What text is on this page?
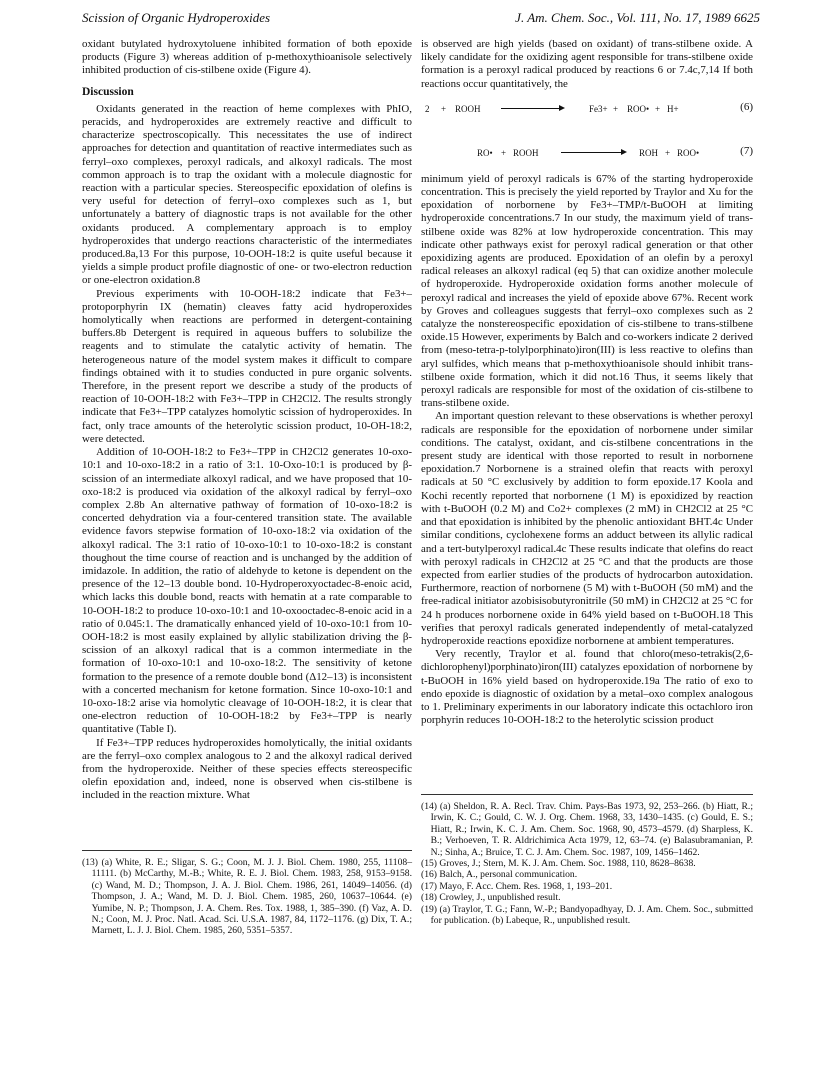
Scission of Organic Hydroperoxides	J. Am. Chem. Soc., Vol. 111, No. 17, 1989 6625

oxidant butylated hydroxytoluene inhibited formation of both epoxide products (Figure 3) whereas addition of p-methoxythioanisole selectively inhibited production of cis-stilbene oxide (Figure 4).

Discussion

Oxidants generated in the reaction of heme complexes with PhIO, peracids, and hydroperoxides are extremely reactive and difficult to characterize spectroscopically. This necessitates the use of indirect approaches for detection and quantitation of reactive intermediates such as ferryl–oxo complexes, peroxyl radicals, and alkoxyl radicals. The most common approach is to trap the oxidant with a molecule diagnostic for reaction with a particular species. Stereospecific epoxidation of olefins is very useful for detection of ferryl–oxo complexes such as 1, but unfortunately a battery of diagnostic traps is not available for the other oxidants produced. A complementary approach is to employ hydroperoxides that undergo reactions characteristic of the intermediates produced.8a,13 For this purpose, 10-OOH-18:2 is quite useful because it yields a simple product profile diagnostic of one- or two-electron reduction or one-electron oxidation.8

Previous experiments with 10-OOH-18:2 indicate that Fe3+–protoporphyrin IX (hematin) cleaves fatty acid hydroperoxides homolytically when reactions are performed in detergent-containing buffers.8b Detergent is required in aqueous buffers to solubilize the reagents and to stimulate the catalytic activity of hematin. The heterogeneous nature of the model system makes it difficult to compare findings obtained with it to studies conducted in pure organic solvents. Therefore, in the present report we describe a study of the products of reaction of 10-OOH-18:2 with Fe3+–TPP in CH2Cl2. The results strongly indicate that Fe3+–TPP catalyzes homolytic scission of hydroperoxides. In fact, only trace amounts of the heterolytic scission product, 10-OH-18:2, were detected.

Addition of 10-OOH-18:2 to Fe3+–TPP in CH2Cl2 generates 10-oxo-10:1 and 10-oxo-18:2 in a ratio of 3:1. 10-Oxo-10:1 is produced by β-scission of an intermediate alkoxyl radical, and we have proposed that 10-oxo-18:2 is produced via oxidation of the alkoxyl radical by ferryl–oxo complex 2.8b An alternative pathway of formation of 10-oxo-18:2 is concerted dehydration via a four-centered transition state. The available evidence favors stepwise formation of 10-oxo-18:2 via oxidation of the alkoxyl radical. The 3:1 ratio of 10-oxo-10:1 to 10-oxo-18:2 is constant thoughout the time course of reaction and is unchanged by the addition of imidazole. In addition, the ratio of aldehyde to ketone is dependent on the presence of the 12–13 double bond. 10-Hydroperoxyoctadec-8-enoic acid, which lacks this double bond, reacts with hematin at a rate comparable to 10-OOH-18:2 to produce 10-oxo-10:1 and 10-oxooctadec-8-enoic acid in a ratio of 0.045:1. The dramatically enhanced yield of 10-oxo-10:1 from 10-OOH-18:2 is most easily explained by allylic stabilization driving the β-scission of an alkoxyl radical that is a common intermediate in the formation of 10-oxo-10:1 and 10-oxo-18:2. The sensitivity of ketone formation to the presence of a remote double bond (Δ12–13) is inconsistent with a concerted mechanism for ketone formation. Since 10-oxo-10:1 and 10-oxo-18:2 arise via homolytic cleavage of 10-OOH-18:2, it is clear that one-electron reduction of 10-OOH-18:2 by Fe3+–TPP is nearly quantitative (Table I).

If Fe3+–TPP reduces hydroperoxides homolytically, the initial oxidants are the ferryl–oxo complex analogous to 2 and the alkoxyl radical derived from the hydroperoxide. Neither of these species effects stereospecific olefin epoxidation and, indeed, none is observed when cis-stilbene is included in the reaction mixture. What

(13) (a) White, R. E.; Sligar, S. G.; Coon, M. J. J. Biol. Chem. 1980, 255, 11108–11111. (b) McCarthy, M.-B.; White, R. E. J. Biol. Chem. 1983, 258, 9153–9158. (c) Wand, M. D.; Thompson, J. A. J. Biol. Chem. 1986, 261, 14049–14056. (d) Thompson, J. A.; Wand, M. D. J. Biol. Chem. 1985, 260, 10637–10644. (e) Yumibe, N. P.; Thompson, J. A. Chem. Res. Tox. 1988, 1, 385–390. (f) Vaz, A. D. N.; Coon, M. J. Proc. Natl. Acad. Sci. U.S.A. 1987, 84, 1172–1176. (g) Dix, T. A.; Marnett, L. J. J. Biol. Chem. 1985, 260, 5351–5357.

is observed are high yields (based on oxidant) of trans-stilbene oxide. A likely candidate for the oxidizing agent responsible for trans-stilbene oxide formation is a peroxyl radical produced by reactions 6 or 7.4c,7,14 If both reactions occur quantitatively, the

2 + ROOH	Fe3+ + ROO• + H+	(6)
RO• + ROOH	ROH + ROO•	(7)

minimum yield of peroxyl radicals is 67% of the starting hydroperoxide concentration. This is precisely the yield reported by Traylor and Xu for the epoxidation of norbornene by Fe3+–TMP/t-BuOOH at limiting hydroperoxide concentrations.7 In our study, the maximum yield of trans-stilbene oxide was 82% at low hydroperoxide concentration. This may indicate other pathways exist for peroxyl radical generation or that other epoxidizing agents are produced. Epoxidation of an olefin by a peroxyl radical releases an alkoxyl radical (eq 5) that can oxidize another molecule of hydroperoxide. Hydroperoxide oxidation forms another molecule of peroxyl radical and increases the yield of epoxide above 67%. Recent work by Groves and colleagues suggests that ferryl–oxo complexes such as 2 catalyze the nonstereospecific epoxidation of cis-stilbene to trans-stilbene oxide.15 However, experiments by Balch and co-workers indicate 2 derived from (meso-tetra-p-tolylporphinato)iron(III) is less reactive to olefins than aryl sulfides, which means that p-methoxythioanisole should inhibit trans-stilbene oxide formation, which it did not.16 Thus, it seems likely that peroxyl radicals are responsible for most of the oxidation of cis-stilbene to trans-stilbene oxide.

An important question relevant to these observations is whether peroxyl radicals are responsible for the epoxidation of norbornene under similar conditions. The catalyst, oxidant, and cis-stilbene concentrations in the present study are identical with those reported to result in norbornene epoxidation.7 Norbornene is a strained olefin that reacts with peroxyl radicals at 50 °C exclusively by addition to form epoxide.17 Koola and Kochi recently reported that norbornene (1 M) is epoxidized by reaction with t-BuOOH (0.2 M) and Co2+ complexes (2 mM) in CH2Cl2 at 25 °C and that epoxidation is inhibited by the phenolic antioxidant BHT.4c Under similar conditions, cyclohexene forms an adduct between its allylic radical and a tert-butylperoxyl radical.4c These results indicate that olefins do react with peroxyl radicals in CH2Cl2 at 25 °C and that the products are those expected from earlier studies of the products of hydrocarbon autoxidation. Furthermore, reaction of norbornene (5 M) with t-BuOOH (50 mM) and the free-radical initiator azobisisobutyronitrile (50 mM) in CH2Cl2 at 25 °C for 24 h produces norbornene oxide in 64% yield based on t-BuOOH.18 This verifies that peroxyl radicals generated independently of metal-catalyzed hydroperoxide reactions epoxidize norbornene at ambient temperatures.

Very recently, Traylor et al. found that chloro(meso-tetrakis(2,6-dichlorophenyl)porphinato)iron(III) catalyzes epoxidation of norbornene by t-BuOOH in 16% yield based on hydroperoxide.19a The ratio of exo to endo epoxide is diagnostic of oxidation by a metal–oxo complex analogous to 1. Preliminary experiments in our laboratory indicate this octachloro iron porphyrin reduces 10-OOH-18:2 to the heterolytic scission product

(14) (a) Sheldon, R. A. Recl. Trav. Chim. Pays-Bas 1973, 92, 253–266. (b) Hiatt, R.; Irwin, K. C.; Gould, C. W. J. Org. Chem. 1968, 33, 1430–1435. (c) Gould, E. S.; Hiatt, R.; Irwin, K. C. J. Am. Chem. Soc. 1968, 90, 4573–4579. (d) Sharpless, K. B.; Verhoeven, T. R. Aldrichimica Acta 1979, 12, 63–74. (e) Balasubramanian, P. N.; Sinha, A.; Bruice, T. C. J. Am. Chem. Soc. 1987, 109, 1456–1462.
(15) Groves, J.; Stern, M. K. J. Am. Chem. Soc. 1988, 110, 8628–8638.
(16) Balch, A., personal communication.
(17) Mayo, F. Acc. Chem. Res. 1968, 1, 193–201.
(18) Crowley, J., unpublished result.
(19) (a) Traylor, T. G.; Fann, W.-P.; Bandyopadhyay, D. J. Am. Chem. Soc., submitted for publication. (b) Labeque, R., unpublished result.
